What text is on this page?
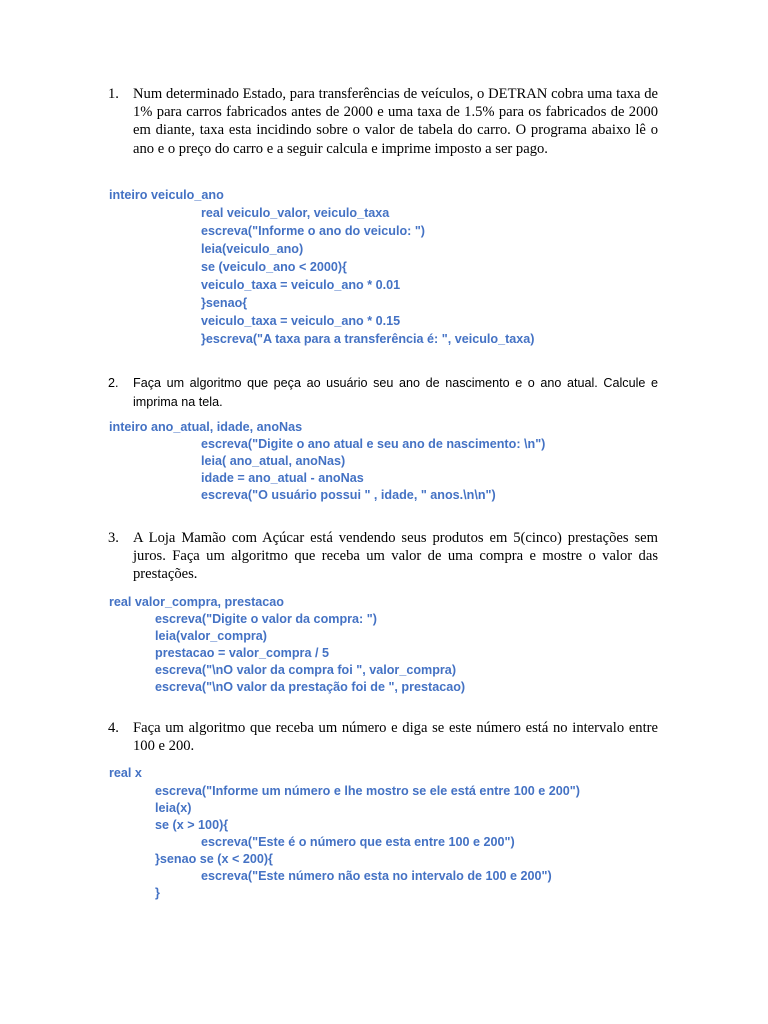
1. Num determinado Estado, para transferências de veículos, o DETRAN cobra uma taxa de 1% para carros fabricados antes de 2000 e uma taxa de 1.5% para os fabricados de 2000 em diante, taxa esta incidindo sobre o valor de tabela do carro. O programa abaixo lê o ano e o preço do carro e a seguir calcula e imprime imposto a ser pago.
inteiro veiculo_ano
real veiculo_valor, veiculo_taxa
escreva("Informe o ano do veiculo: ")
leia(veiculo_ano)
se (veiculo_ano < 2000){
veiculo_taxa = veiculo_ano * 0.01
}senao{
veiculo_taxa = veiculo_ano * 0.15
}escreva("A taxa para a transferência é: ", veiculo_taxa)
2. Faça um algoritmo que peça ao usuário seu ano de nascimento e o ano atual. Calcule e imprima na tela.
inteiro ano_atual, idade, anoNas
escreva("Digite o ano atual e seu ano de nascimento: \n")
leia( ano_atual, anoNas)
idade = ano_atual - anoNas
escreva("O usuário possui " , idade, " anos.\n\n")
3. A Loja Mamão com Açúcar está vendendo seus produtos em 5(cinco) prestações sem juros. Faça um algoritmo que receba um valor de uma compra e mostre o valor das prestações.
real valor_compra, prestacao
escreva("Digite o valor da compra: ")
leia(valor_compra)
prestacao = valor_compra / 5
escreva("\nO valor da compra foi ", valor_compra)
escreva("\nO valor da prestação foi de ", prestacao)
4. Faça um algoritmo que receba um número e diga se este número está no intervalo entre 100 e 200.
real x
escreva("Informe um número e lhe mostro se ele está entre 100 e 200")
leia(x)
se (x > 100){
escreva("Este é o número que esta entre 100 e 200")
}senao se (x < 200){
escreva("Este número não esta no intervalo de 100 e 200")
}
